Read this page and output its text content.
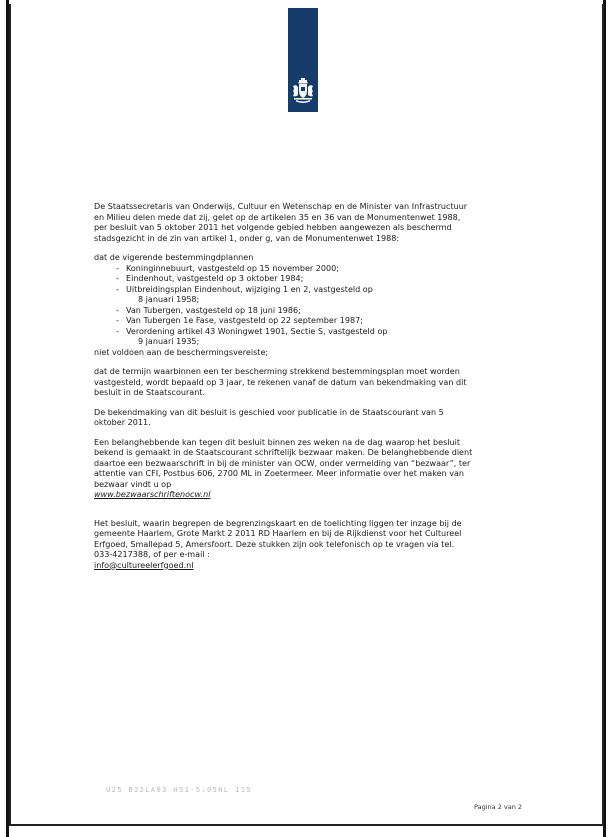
De Staatssecretaris van Onderwijs, Cultuur en Wetenschap en de Minister van Infrastructuur en Milieu delen mede dat zij, gelet op de artikelen 35 en 36 van de Monumentenwet 1988, per besluit van 5 oktober 2011 het volgende gebied hebben aangewezen als beschermd stadsgezicht in de zin van artikel 1, onder g, van de Monumentenwet 1988:

dat de vigerende bestemmingdplannen

- Koninginnebuurt, vastgesteld op 15 november 2000;
- Eindenhout, vastgesteld op 3 oktober 1984;
- Uitbreidingsplan Eindenhout, wijziging 1 en 2, vastgesteld op
8 januari 1958;
- Van Tubergen, vastgesteld op 18 juni 1986;
- Van Tubergen 1e Fase, vastgesteld op 22 september 1987;
- Verordening artikel 43 Woningwet 1901, Sectie S, vastgesteld op
9 januari 1935;

niet voldoen aan de beschermingsvereiste;

dat de termijn waarbinnen een ter bescherming strekkend bestemmingsplan moet worden vastgesteld, wordt bepaald op 3 jaar, te rekenen vanaf de datum van bekendmaking van dit besluit in de Staatscourant.

De bekendmaking van dit besluit is geschied voor publicatie in de Staatscourant van 5 oktober 2011.

Een belanghebbende kan tegen dit besluit binnen zes weken na de dag waarop het besluit bekend is gemaakt in de Staatscourant schriftelijk bezwaar maken. De belanghebbende dient daartoe een bezwaarschrift in bij de minister van OCW, onder vermelding van “bezwaar”, ter attentie van CFI, Postbus 606, 2700 ML in Zoetermeer. Meer informatie over het maken van bezwaar vindt u op
www.bezwaarschriftenocw.nl

Het besluit, waarin begrepen de begrenzingskaart en de toelichting liggen ter inzage bij de gemeente Haarlem, Grote Markt 2 2011 RD Haarlem en bij de Rijkdienst voor het Cultureel Erfgoed, Smallepad 5, Amersfoort. Deze stukken zijn ook telefonisch op te vragen via tel. 033-4217388, of per e-mail :
info@cultureelerfgoed.nl

U25 B22LA03 H51-5:05HL 115
Pagina 2 van 2
